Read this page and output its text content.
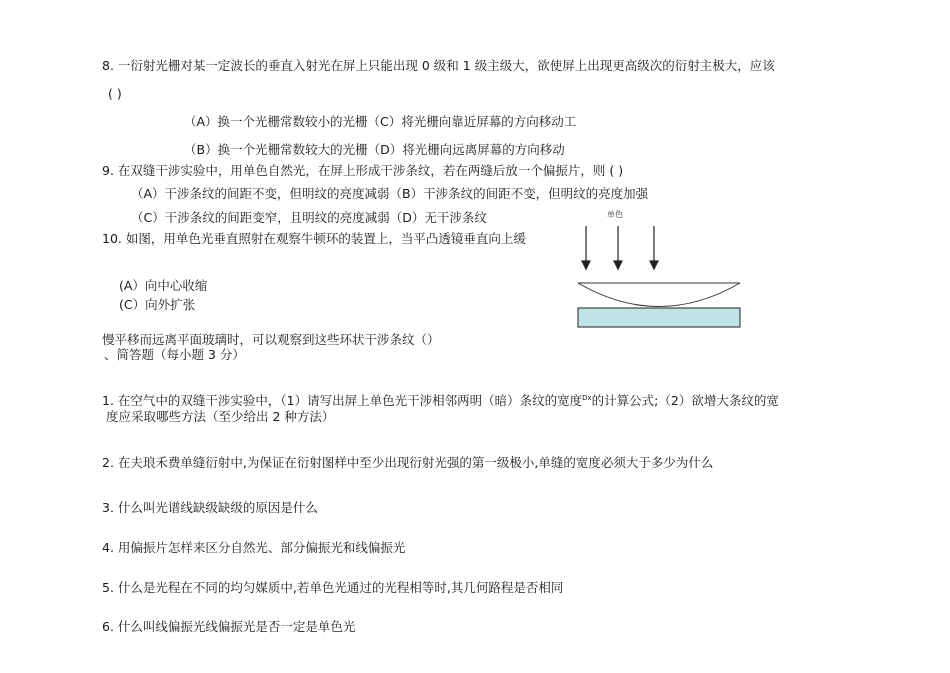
8. 一衍射光栅对某一定波长的垂直入射光在屏上只能出现 0 级和 1 级主级大，欲使屏上出现更高级次的衍射主极大，应该
( )
（A）换一个光栅常数较小的光栅（C）将光栅向靠近屏幕的方向移动工
（B）换一个光栅常数较大的光栅（D）将光栅向远离屏幕的方向移动
9. 在双缝干涉实验中，用单色自然光，在屏上形成干涉条纹，若在两缝后放一个偏振片，则 ( )
（A）干涉条纹的间距不变，但明纹的亮度减弱（B）干涉条纹的间距不变，但明纹的亮度加强
（C）干涉条纹的间距变窄，且明纹的亮度减弱（D）无干涉条纹
10. 如图，用单色光垂直照射在观察牛顿环的装置上，当平凸透镜垂直向上缓
(A）向中心收缩
(C）向外扩张
慢平移而远离平面玻璃时，可以观察到这些环状干涉条纹（）
单色
、简答题（每小题 3 分）
1. 在空气中的双缝干涉实验中，（1）请写出屏上单色光干涉相邻两明（暗）条纹的宽度$^{Dx}$的计算公式;（2）欲增大条纹的宽
度应采取哪些方法（至少给出 2 种方法）
2. 在夫琅禾费单缝衍射中,为保证在衍射图样中至少出现衍射光强的第一级极小,单缝的宽度必须大于多少为什么
3. 什么叫光谱线缺级缺级的原因是什么
4. 用偏振片怎样来区分自然光、部分偏振光和线偏振光
5. 什么是光程在不同的均匀媒质中,若单色光通过的光程相等时,其几何路程是否相同
6. 什么叫线偏振光线偏振光是否一定是单色光
